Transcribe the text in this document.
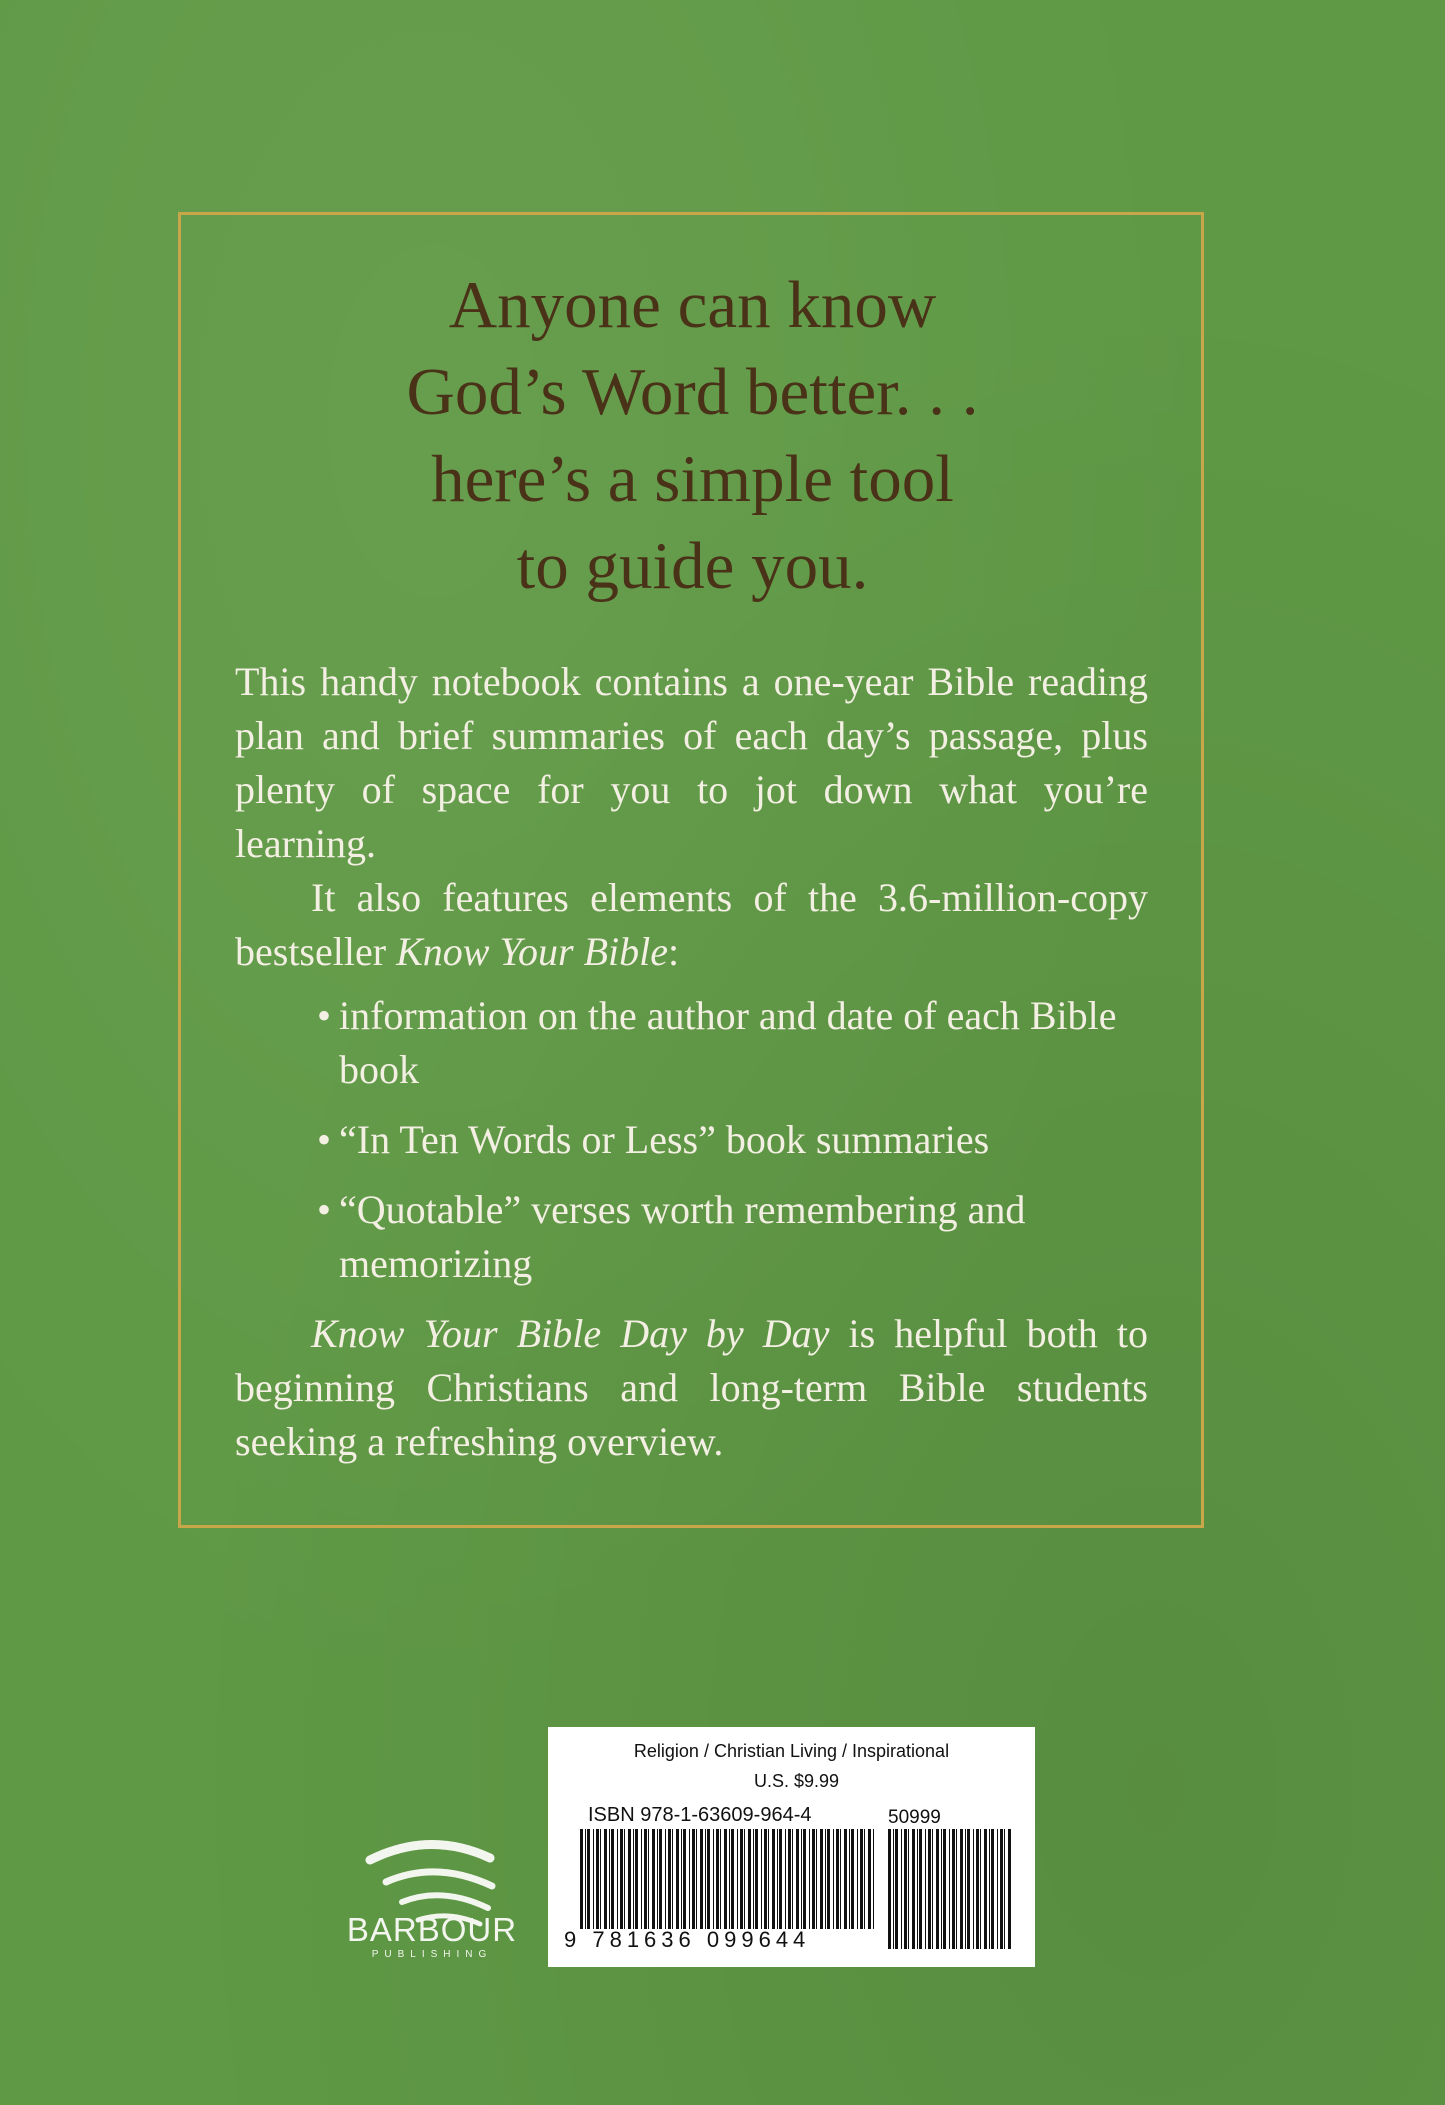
Anyone can know
God’s Word better. . .
here’s a simple tool
to guide you.

This handy notebook contains a one-year Bible reading plan and brief summaries of each day’s passage, plus plenty of space for you to jot down what you’re learning.

It also features elements of the 3.6-million-copy bestseller Know Your Bible:

• information on the author and date of each Bible book
• “In Ten Words or Less” book summaries
• “Quotable” verses worth remembering and memorizing

Know Your Bible Day by Day is helpful both to beginning Christians and long-term Bible students seeking a refreshing overview.

BARBOUR
PUBLISHING
Religion / Christian Living / Inspirational
U.S. $9.99
ISBN 978-1-63609-964-4
9 781636 099644
50999
